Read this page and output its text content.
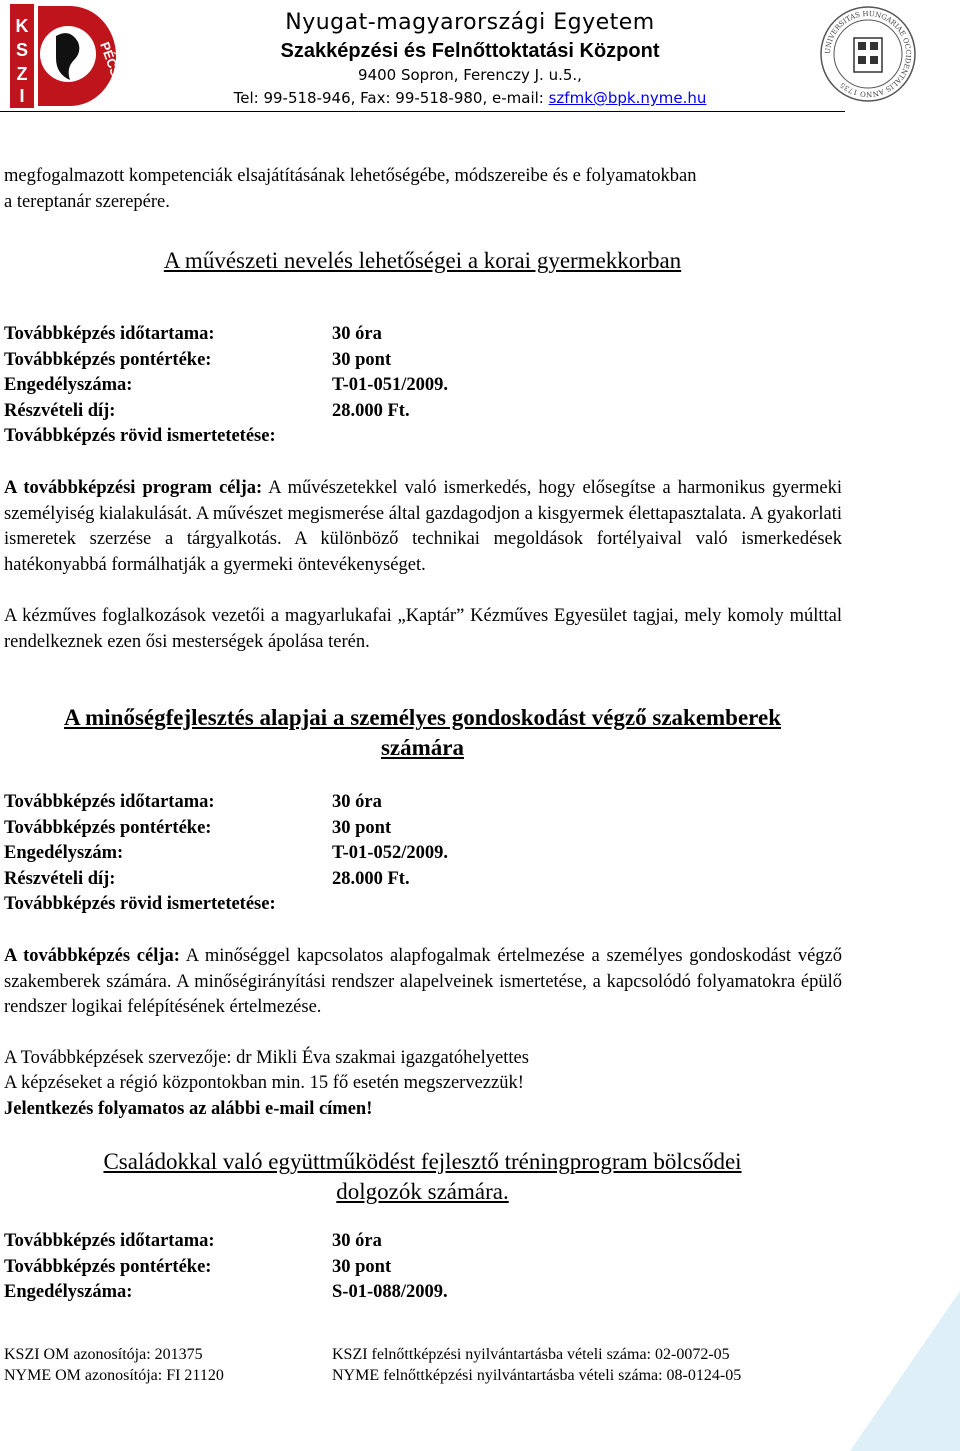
K
S
Z
I
PÉCS
Nyugat-magyarországi Egyetem
Szakképzési és Felnőttoktatási Központ
9400 Sopron, Ferenczy J. u.5.,
Tel: 99-518-946, Fax: 99-518-980, e-mail: szfmk@bpk.nyme.hu
UNIVERSITAS HUNGARIAE OCCIDENTALIS ANNO 1735
megfogalmazott kompetenciák elsajátításának lehetőségébe, módszereibe és e folyamatokban
a tereptanár szerepére.
A művészeti nevelés lehetőségei a korai gyermekkorban
Továbbképzés időtartama:	30 óra
Továbbképzés pontértéke:	30 pont
Engedélyszáma:	T-01-051/2009.
Részvételi díj:	28.000 Ft.
Továbbképzés rövid ismertetetése:
A továbbképzési program célja: A művészetekkel való ismerkedés, hogy elősegítse a harmonikus gyermeki személyiség kialakulását. A művészet megismerése által gazdagodjon a kisgyermek élettapasztalata. A gyakorlati ismeretek szerzése a tárgyalkotás. A különböző technikai megoldások fortélyaival való ismerkedések hatékonyabbá formálhatják a gyermeki öntevékenységet.
A kézműves foglalkozások vezetői a magyarlukafai „Kaptár” Kézműves Egyesület tagjai, mely komoly múlttal rendelkeznek ezen ősi mesterségek ápolása terén.
A minőségfejlesztés alapjai a személyes gondoskodást végző szakemberek
számára
Továbbképzés időtartama:	30 óra
Továbbképzés pontértéke:	30 pont
Engedélyszám:	T-01-052/2009.
Részvételi díj:	28.000 Ft.
Továbbképzés rövid ismertetetése:
A továbbképzés célja: A minőséggel kapcsolatos alapfogalmak értelmezése a személyes gondoskodást végző szakemberek számára. A minőségirányítási rendszer alapelveinek ismertetése, a kapcsolódó folyamatokra épülő rendszer logikai felépítésének értelmezése.
A Továbbképzések szervezője: dr Mikli Éva szakmai igazgatóhelyettes
A képzéseket a régió központokban min. 15 fő esetén megszervezzük!
Jelentkezés folyamatos az alábbi e-mail címen!
Családokkal való együttműködést fejlesztő tréningprogram bölcsődei
dolgozók számára.
Továbbképzés időtartama:	30 óra
Továbbképzés pontértéke:	30 pont
Engedélyszáma:	S-01-088/2009.
KSZI OM azonosítója: 201375	KSZI felnőttképzési nyilvántartásba vételi száma: 02-0072-05
NYME OM azonosítója: FI 21120	NYME felnőttképzési nyilvántartásba vételi száma: 08-0124-05
